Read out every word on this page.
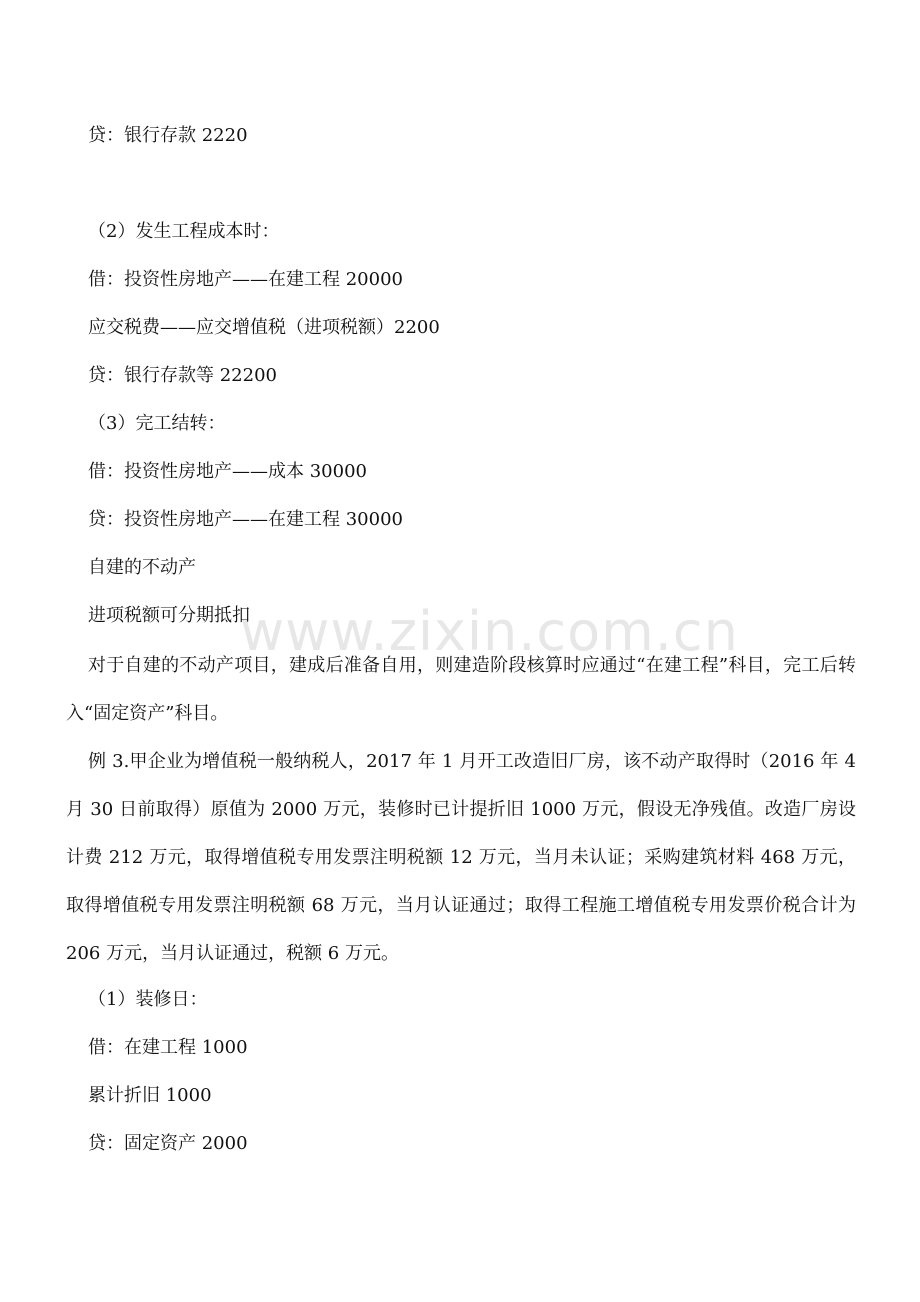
www.zixin.com.cn

贷：银行存款 2220

（2）发生工程成本时：

借：投资性房地产——在建工程 20000

应交税费——应交增值税（进项税额）2200

贷：银行存款等 22200

（3）完工结转：

借：投资性房地产——成本 30000

贷：投资性房地产——在建工程 30000

自建的不动产

进项税额可分期抵扣

对于自建的不动产项目，建成后准备自用，则建造阶段核算时应通过“在建工程”科目，完工后转入“固定资产”科目。

例 3.甲企业为增值税一般纳税人，2017 年 1 月开工改造旧厂房，该不动产取得时（2016 年 4 月 30 日前取得）原值为 2000 万元，装修时已计提折旧 1000 万元，假设无净残值。改造厂房设计费 212 万元，取得增值税专用发票注明税额 12 万元，当月未认证；采购建筑材料 468 万元，取得增值税专用发票注明税额 68 万元，当月认证通过；取得工程施工增值税专用发票价税合计为 206 万元，当月认证通过，税额 6 万元。

（1）装修日：

借：在建工程 1000

累计折旧 1000

贷：固定资产 2000
